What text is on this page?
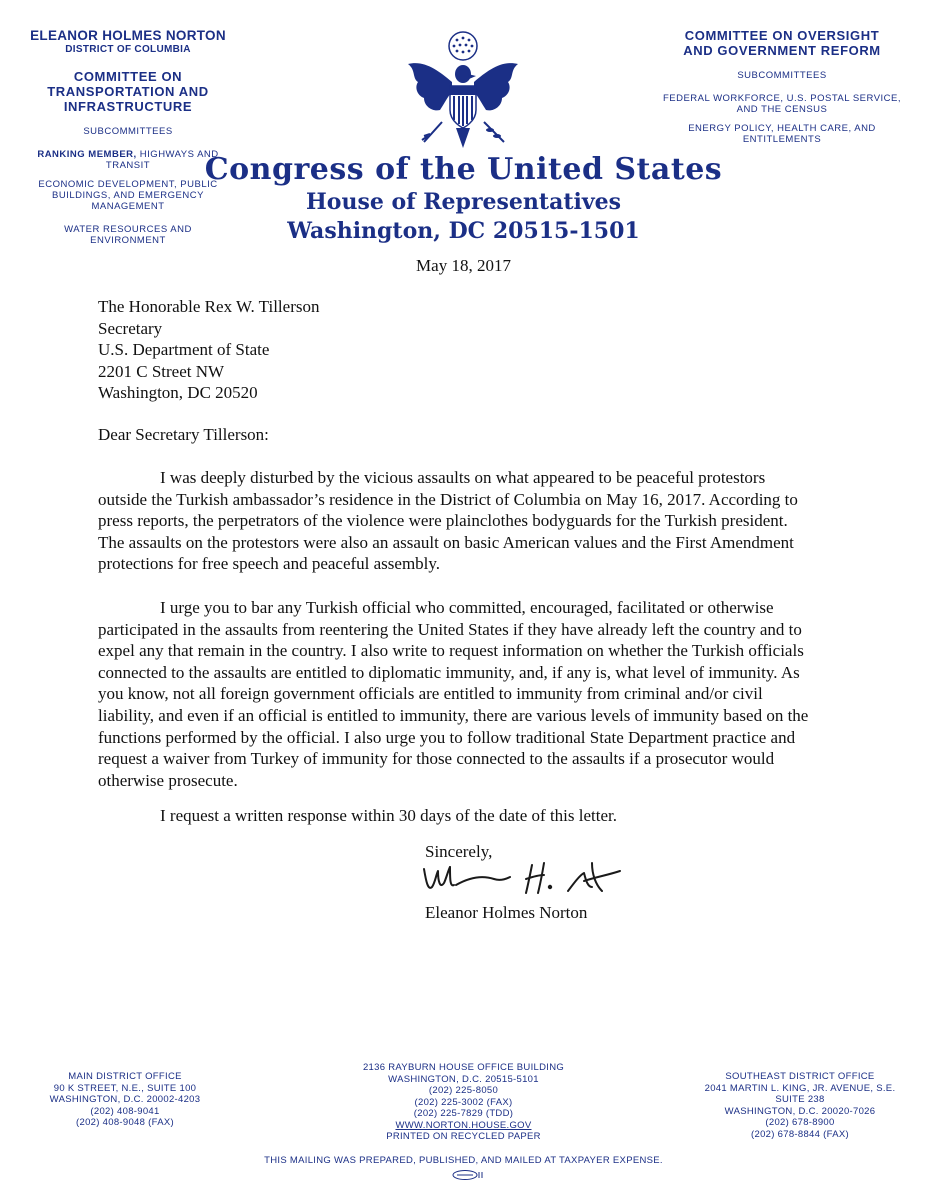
ELEANOR HOLMES NORTON
DISTRICT OF COLUMBIA
COMMITTEE ON
TRANSPORTATION AND
INFRASTRUCTURE
SUBCOMMITTEES
RANKING MEMBER, HIGHWAYS AND
TRANSIT
ECONOMIC DEVELOPMENT, PUBLIC
BUILDINGS, AND EMERGENCY
MANAGEMENT
WATER RESOURCES AND
ENVIRONMENT
COMMITTEE ON OVERSIGHT
AND GOVERNMENT REFORM
SUBCOMMITTEES
FEDERAL WORKFORCE, U.S. POSTAL SERVICE,
AND THE CENSUS
ENERGY POLICY, HEALTH CARE, AND
ENTITLEMENTS
Congress of the United States
House of Representatives
Washington, DC 20515-1501
May 18, 2017
The Honorable Rex W. Tillerson
Secretary
U.S. Department of State
2201 C Street NW
Washington, DC 20520
Dear Secretary Tillerson:

I was deeply disturbed by the vicious assaults on what appeared to be peaceful protestors outside the Turkish ambassador’s residence in the District of Columbia on May 16, 2017. According to press reports, the perpetrators of the violence were plainclothes bodyguards for the Turkish president. The assaults on the protestors were also an assault on basic American values and the First Amendment protections for free speech and peaceful assembly.

I urge you to bar any Turkish official who committed, encouraged, facilitated or otherwise participated in the assaults from reentering the United States if they have already left the country and to expel any that remain in the country. I also write to request information on whether the Turkish officials connected to the assaults are entitled to diplomatic immunity, and, if any is, what level of immunity. As you know, not all foreign government officials are entitled to immunity from criminal and/or civil liability, and even if an official is entitled to immunity, there are various levels of immunity based on the functions performed by the official. I also urge you to follow traditional State Department practice and request a waiver from Turkey of immunity for those connected to the assaults if a prosecutor would otherwise prosecute.

I request a written response within 30 days of the date of this letter.

Sincerely,
Eleanor Holmes Norton
MAIN DISTRICT OFFICE
90 K STREET, N.E., SUITE 100
WASHINGTON, D.C. 20002-4203
(202) 408-9041
(202) 408-9048 (FAX)
2136 RAYBURN HOUSE OFFICE BUILDING
WASHINGTON, D.C. 20515-5101
(202) 225-8050
(202) 225-3002 (FAX)
(202) 225-7829 (TDD)
WWW.NORTON.HOUSE.GOV
PRINTED ON RECYCLED PAPER
SOUTHEAST DISTRICT OFFICE
2041 MARTIN L. KING, JR. AVENUE, S.E.
SUITE 238
WASHINGTON, D.C. 20020-7026
(202) 678-8900
(202) 678-8844 (FAX)
THIS MAILING WAS PREPARED, PUBLISHED, AND MAILED AT TAXPAYER EXPENSE.
